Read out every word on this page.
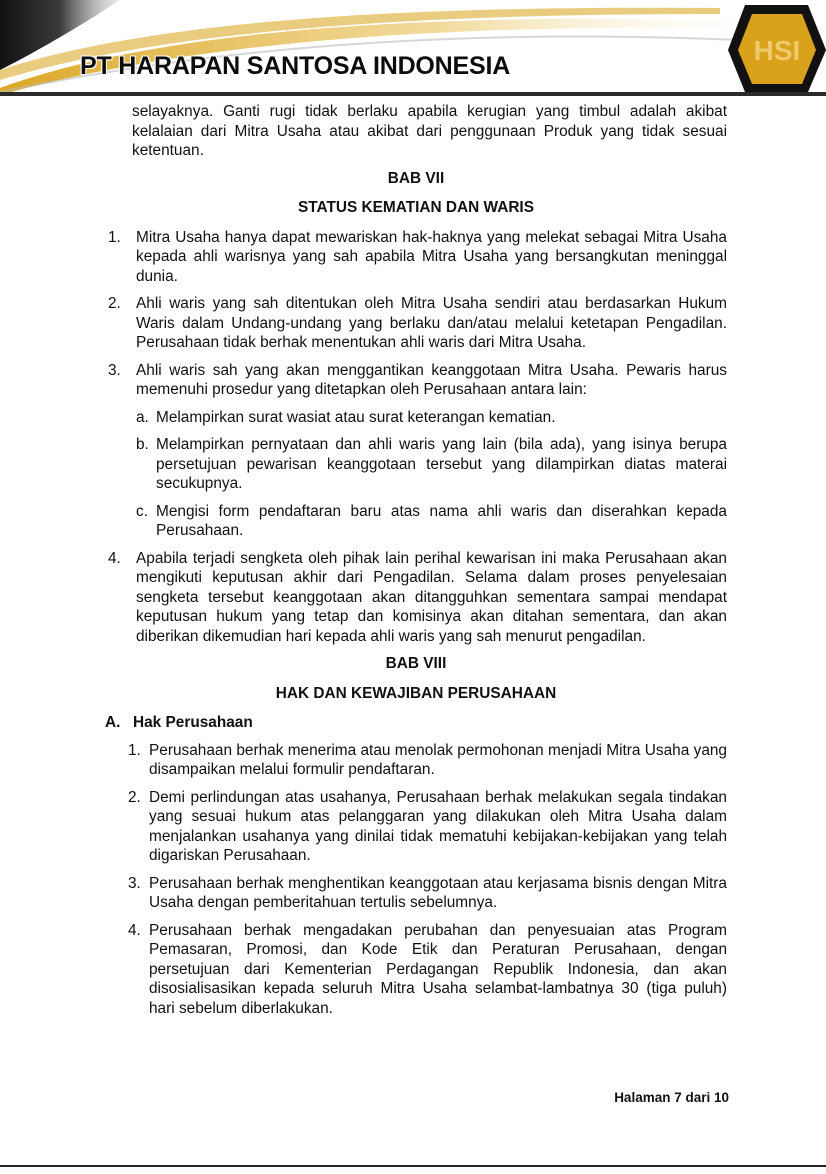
HSI
PT HARAPAN SANTOSA INDONESIA

selayaknya. Ganti rugi tidak berlaku apabila kerugian yang timbul adalah akibat kelalaian dari Mitra Usaha atau akibat dari penggunaan Produk yang tidak sesuai ketentuan.

BAB VII

STATUS KEMATIAN DAN WARIS

1. Mitra Usaha hanya dapat mewariskan hak-haknya yang melekat sebagai Mitra Usaha kepada ahli warisnya yang sah apabila Mitra Usaha yang bersangkutan meninggal dunia.
2. Ahli waris yang sah ditentukan oleh Mitra Usaha sendiri atau berdasarkan Hukum Waris dalam Undang-undang yang berlaku dan/atau melalui ketetapan Pengadilan. Perusahaan tidak berhak menentukan ahli waris dari Mitra Usaha.
3. Ahli waris sah yang akan menggantikan keanggotaan Mitra Usaha. Pewaris harus memenuhi prosedur yang ditetapkan oleh Perusahaan antara lain:
a. Melampirkan surat wasiat atau surat keterangan kematian.
b. Melampirkan pernyataan dan ahli waris yang lain (bila ada), yang isinya berupa persetujuan pewarisan keanggotaan tersebut yang dilampirkan diatas materai secukupnya.
c. Mengisi form pendaftaran baru atas nama ahli waris dan diserahkan kepada Perusahaan.
4. Apabila terjadi sengketa oleh pihak lain perihal kewarisan ini maka Perusahaan akan mengikuti keputusan akhir dari Pengadilan. Selama dalam proses penyelesaian sengketa tersebut keanggotaan akan ditangguhkan sementara sampai mendapat keputusan hukum yang tetap dan komisinya akan ditahan sementara, dan akan diberikan dikemudian hari kepada ahli waris yang sah menurut pengadilan.

BAB VIII

HAK DAN KEWAJIBAN PERUSAHAAN

A. Hak Perusahaan
1. Perusahaan berhak menerima atau menolak permohonan menjadi Mitra Usaha yang disampaikan melalui formulir pendaftaran.
2. Demi perlindungan atas usahanya, Perusahaan berhak melakukan segala tindakan yang sesuai hukum atas pelanggaran yang dilakukan oleh Mitra Usaha dalam menjalankan usahanya yang dinilai tidak mematuhi kebijakan-kebijakan yang telah digariskan Perusahaan.
3. Perusahaan berhak menghentikan keanggotaan atau kerjasama bisnis dengan Mitra Usaha dengan pemberitahuan tertulis sebelumnya.
4. Perusahaan berhak mengadakan perubahan dan penyesuaian atas Program Pemasaran, Promosi, dan Kode Etik dan Peraturan Perusahaan, dengan persetujuan dari Kementerian Perdagangan Republik Indonesia, dan akan disosialisasikan kepada seluruh Mitra Usaha selambat-lambatnya 30 (tiga puluh) hari sebelum diberlakukan.
Halaman 7 dari 10
